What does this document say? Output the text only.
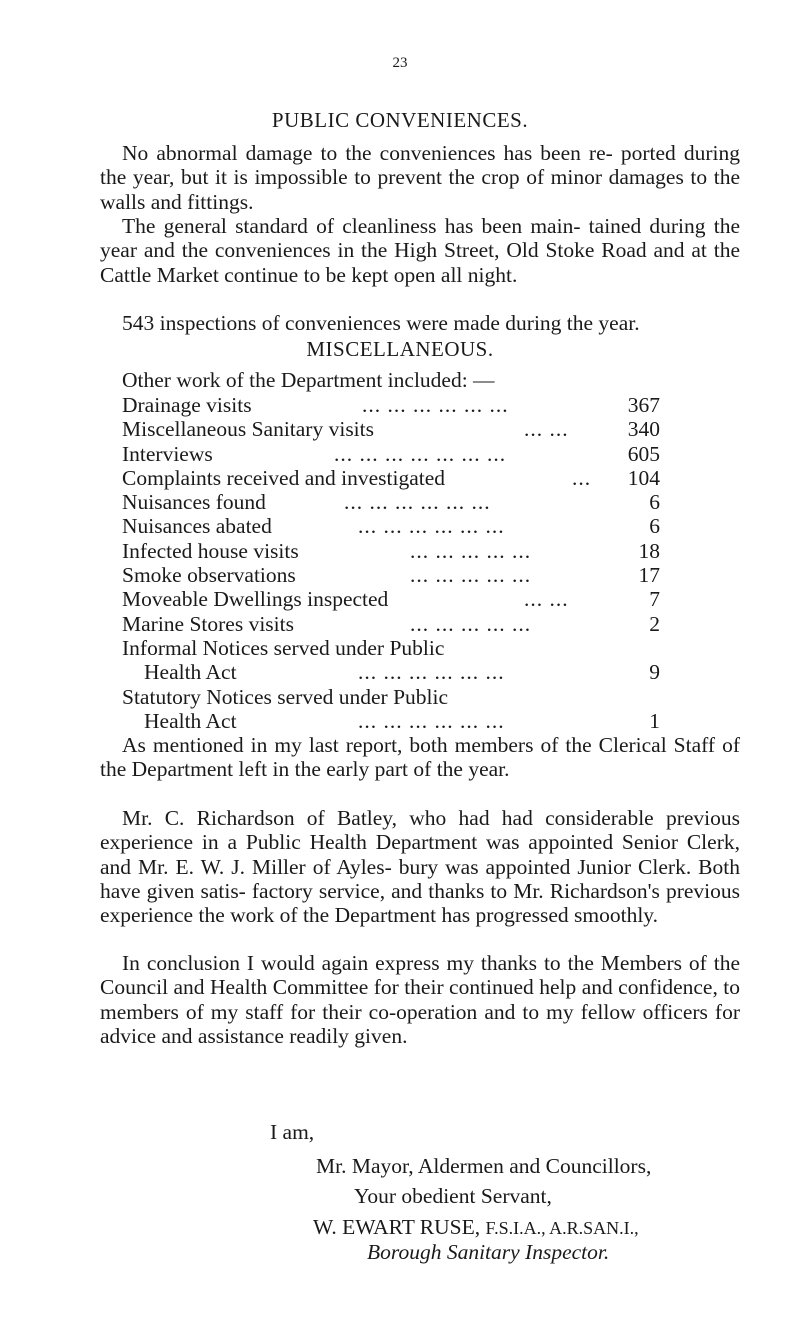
23
PUBLIC CONVENIENCES.

No abnormal damage to the conveniences has been re- ported during the year, but it is impossible to prevent the crop of minor damages to the walls and fittings.

The general standard of cleanliness has been main- tained during the year and the conveniences in the High Street, Old Stoke Road and at the Cattle Market continue to be kept open all night.

543 inspections of conveniences were made during the year.

MISCELLANEOUS.
Other work of the Department included: —
Drainage visits	... ... ... ... ... ...	367
Miscellaneous Sanitary visits	... ...	340
Interviews	... ... ... ... ... ... ...	605
Complaints received and investigated	... 104
Nuisances found	... ... ... ... ... ...	6
Nuisances abated	... ... ... ... ... ...	6
Infected house visits	... ... ... ... ...	18
Smoke observations	... ... ... ... ...	17
Moveable Dwellings inspected	... ...	7
Marine Stores visits	... ... ... ... ...	2
Informal Notices served under Public
Health Act	... ... ... ... ... ...	9
Statutory Notices served under Public
Health Act	... ... ... ... ... ...	1

As mentioned in my last report, both members of the Clerical Staff of the Department left in the early part of the year.

Mr. C. Richardson of Batley, who had had considerable previous experience in a Public Health Department was appointed Senior Clerk, and Mr. E. W. J. Miller of Ayles- bury was appointed Junior Clerk. Both have given satis- factory service, and thanks to Mr. Richardson's previous experience the work of the Department has progressed smoothly.

In conclusion I would again express my thanks to the Members of the Council and Health Committee for their continued help and confidence, to members of my staff for their co-operation and to my fellow officers for advice and assistance readily given.

I am,
Mr. Mayor, Aldermen and Councillors,
Your obedient Servant,
W. EWART RUSE, F.S.I.A., A.R.SAN.I.,
Borough Sanitary Inspector.
